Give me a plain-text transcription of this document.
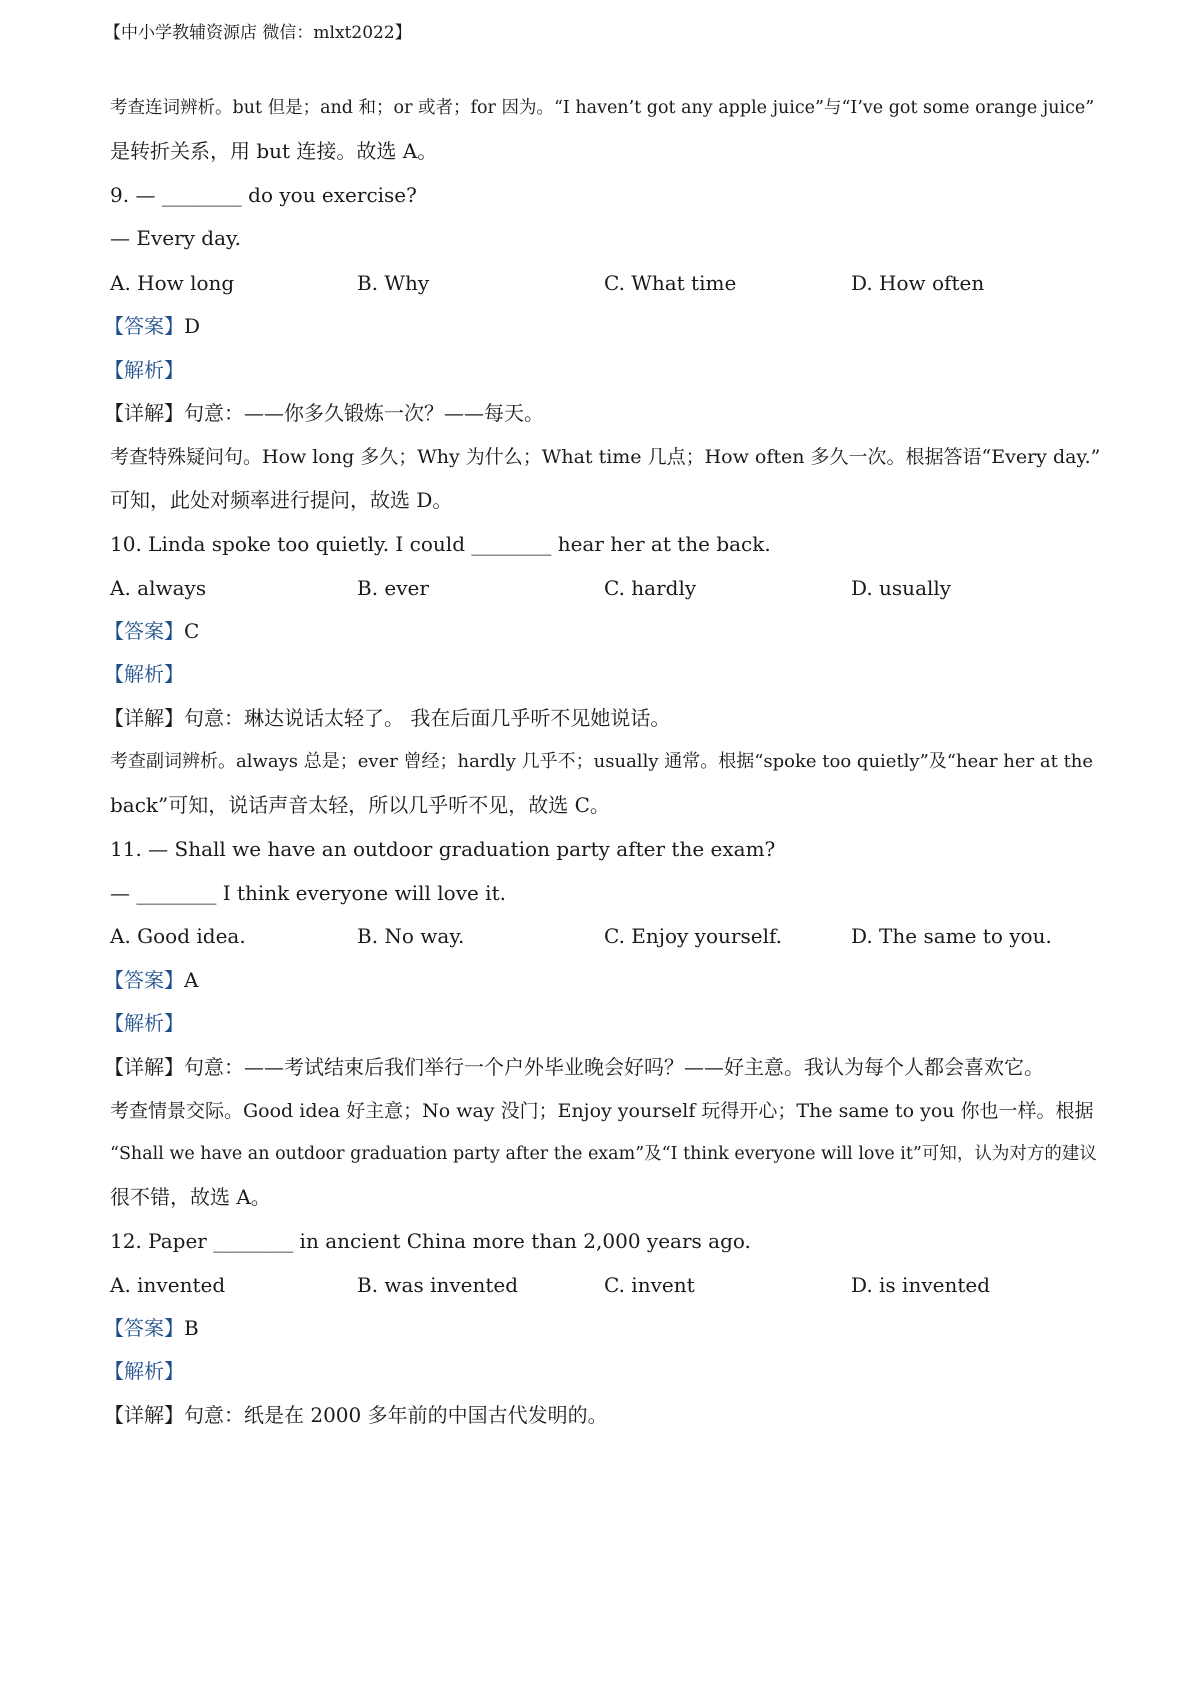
【中小学教辅资源店 微信：mlxt2022】
考查连词辨析。but 但是；and 和；or 或者；for 因为。“I haven’t got any apple juice”与“I’ve got some orange juice”
是转折关系，用 but 连接。故选 A。
9. — ________ do you exercise?
— Every day.
A. How long	B. Why	C. What time	D. How often
【答案】D
【解析】
【详解】句意：——你多久锻炼一次？——每天。
考查特殊疑问句。How long 多久；Why 为什么；What time 几点；How often 多久一次。根据答语“Every day.”
可知，此处对频率进行提问，故选 D。
10. Linda spoke too quietly. I could ________ hear her at the back.
A. always	B. ever	C. hardly	D. usually
【答案】C
【解析】
【详解】句意：琳达说话太轻了。 我在后面几乎听不见她说话。
考查副词辨析。always 总是；ever 曾经；hardly 几乎不；usually 通常。根据“spoke too quietly”及“hear her at the
back”可知，说话声音太轻，所以几乎听不见，故选 C。
11. — Shall we have an outdoor graduation party after the exam?
— ________ I think everyone will love it.
A. Good idea.	B. No way.	C. Enjoy yourself.	D. The same to you.
【答案】A
【解析】
【详解】句意：——考试结束后我们举行一个户外毕业晚会好吗？——好主意。我认为每个人都会喜欢它。
考查情景交际。Good idea 好主意；No way 没门；Enjoy yourself 玩得开心；The same to you 你也一样。根据
“Shall we have an outdoor graduation party after the exam”及“I think everyone will love it”可知，认为对方的建议
很不错，故选 A。
12. Paper ________ in ancient China more than 2,000 years ago.
A. invented	B. was invented	C. invent	D. is invented
【答案】B
【解析】
【详解】句意：纸是在 2000 多年前的中国古代发明的。
